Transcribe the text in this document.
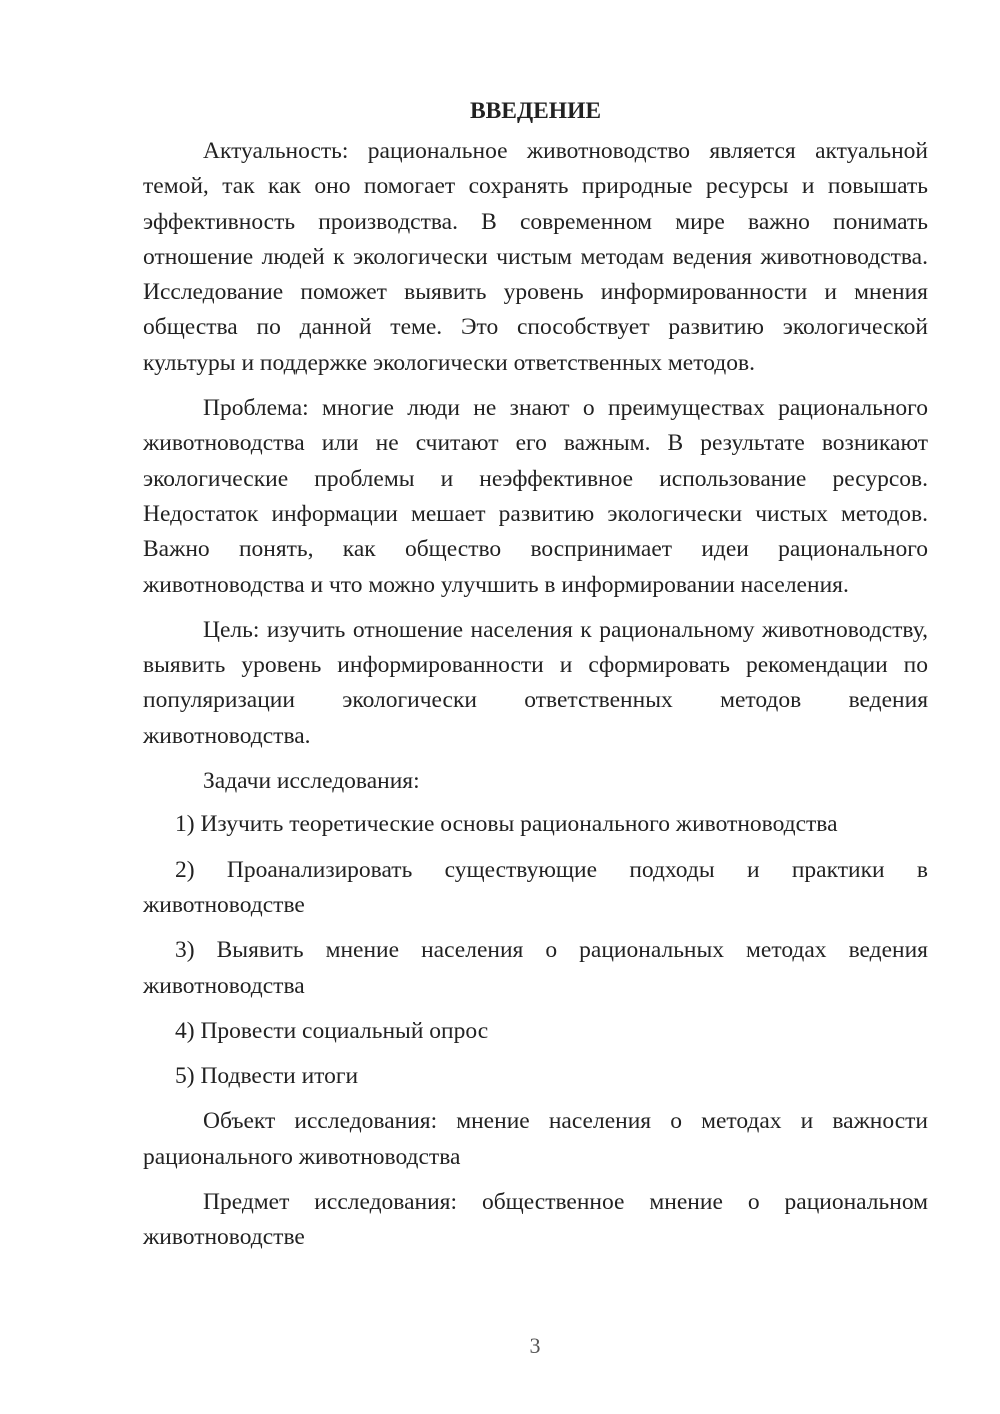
ВВЕДЕНИЕ

Актуальность: рациональное животноводство является актуальной темой, так как оно помогает сохранять природные ресурсы и повышать эффективность производства. В современном мире важно понимать отношение людей к экологически чистым методам ведения животноводства. Исследование поможет выявить уровень информированности и мнения общества по данной теме. Это способствует развитию экологической культуры и поддержке экологически ответственных методов.

Проблема: многие люди не знают о преимуществах рационального животноводства или не считают его важным. В результате возникают экологические проблемы и неэффективное использование ресурсов. Недостаток информации мешает развитию экологически чистых методов. Важно понять, как общество воспринимает идеи рационального животноводства и что можно улучшить в информировании населения.

Цель: изучить отношение населения к рациональному животноводству, выявить уровень информированности и сформировать рекомендации по популяризации экологически ответственных методов ведения животноводства.

Задачи исследования:

1) Изучить теоретические основы рационального животноводства

2) Проанализировать существующие подходы и практики в животноводстве

3) Выявить мнение населения о рациональных методах ведения животноводства

4) Провести социальный опрос

5) Подвести итоги

Объект исследования: мнение населения о методах и важности рационального животноводства

Предмет исследования: общественное мнение о рациональном животноводстве

3
